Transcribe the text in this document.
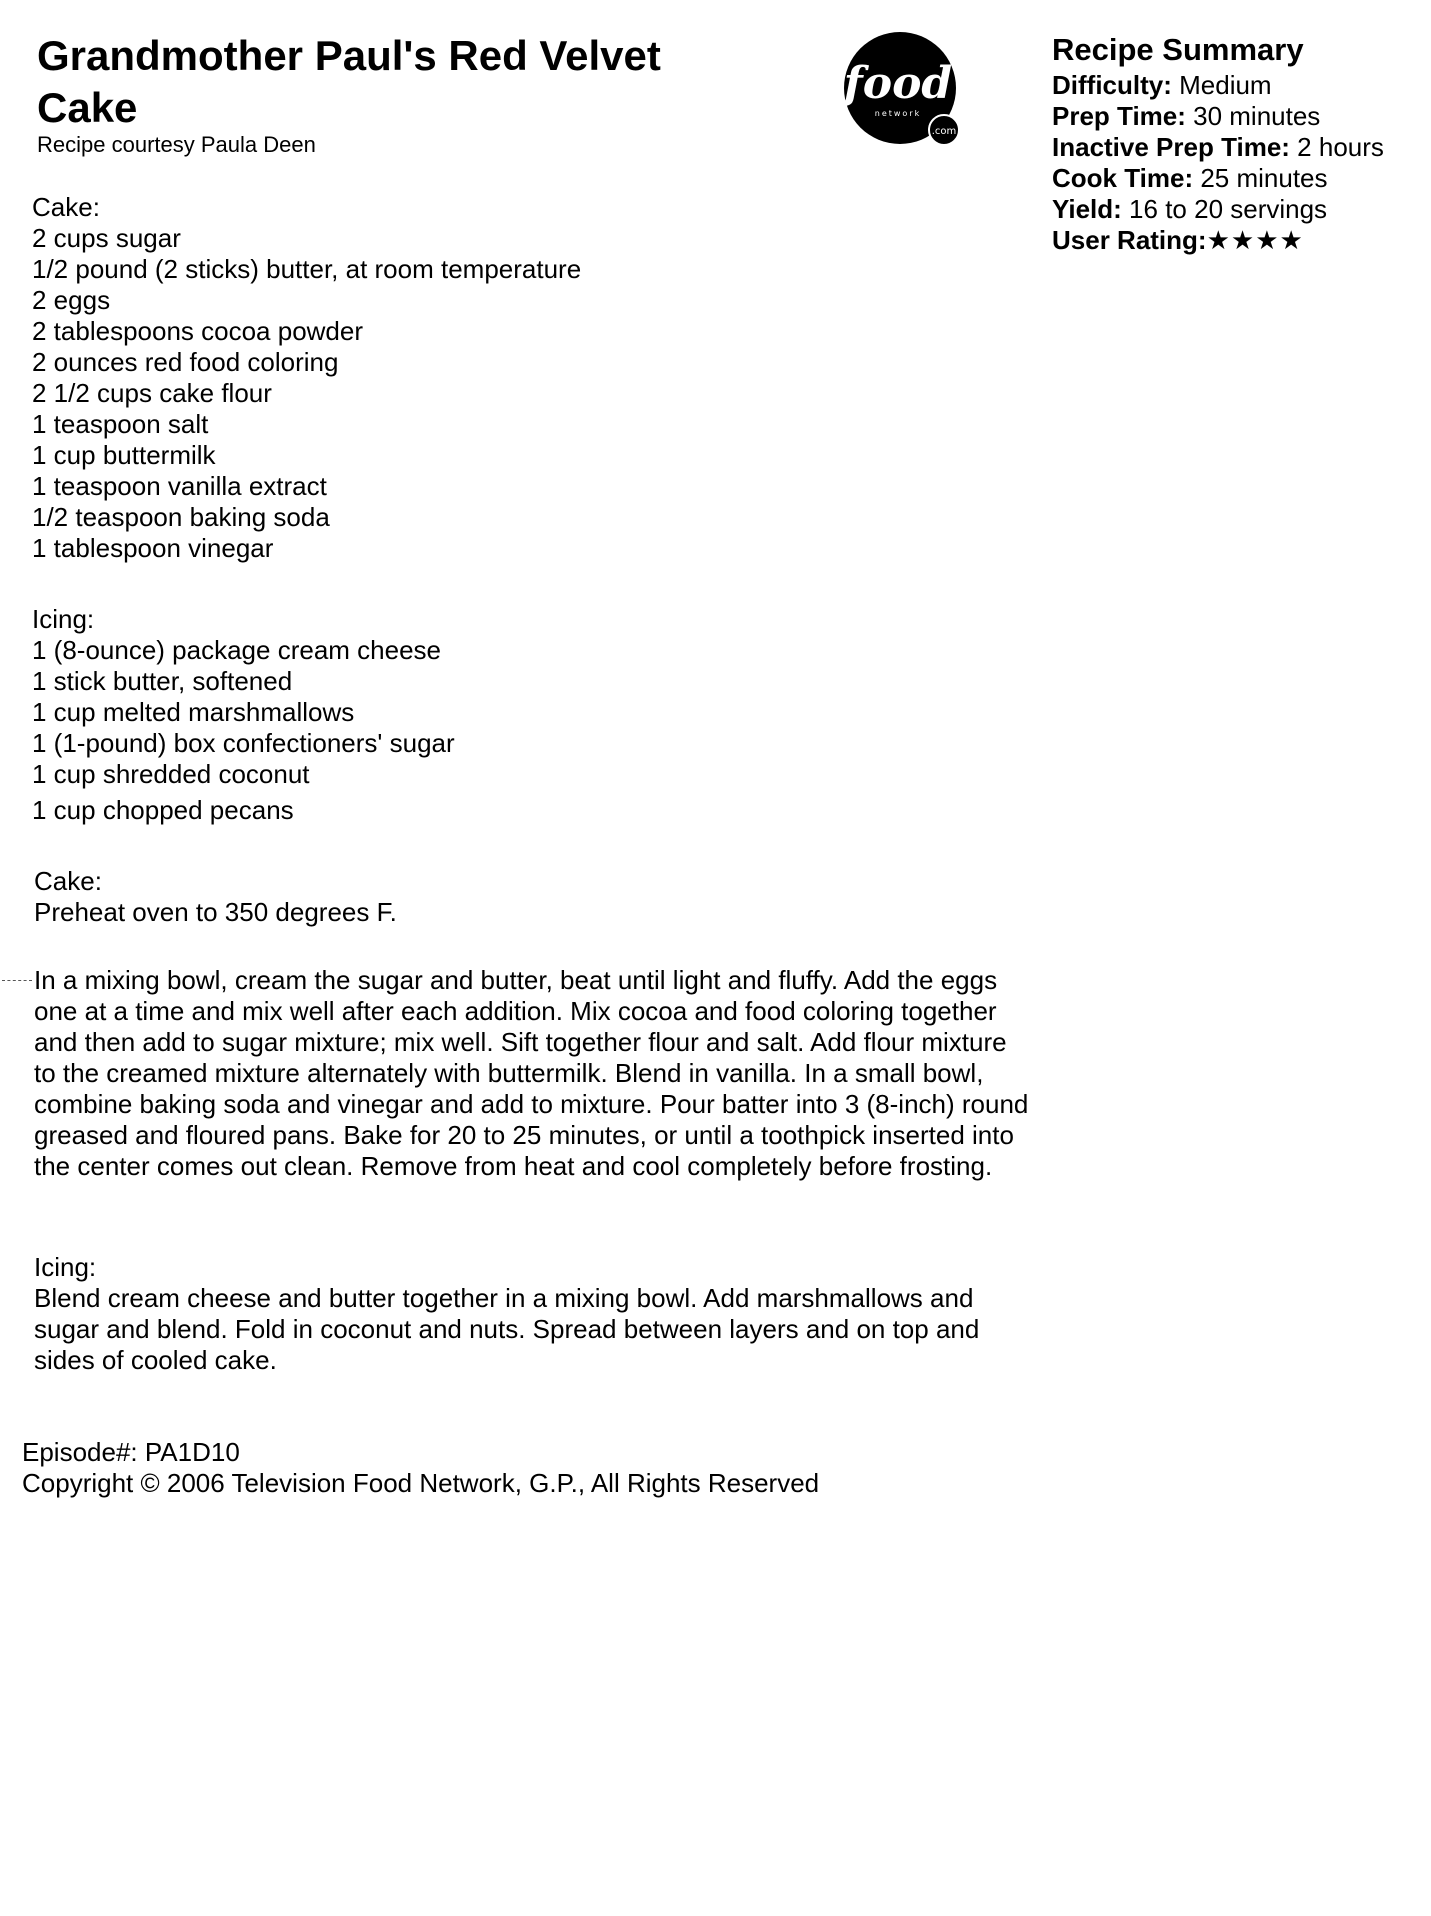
Grandmother Paul's Red Velvet Cake
Recipe courtesy Paula Deen
food
network
.com
Recipe Summary
Difficulty: Medium
Prep Time: 30 minutes
Inactive Prep Time: 2 hours
Cook Time: 25 minutes
Yield: 16 to 20 servings
User Rating:★★★★

Cake:

2 cups sugar
1/2 pound (2 sticks) butter, at room temperature
2 eggs
2 tablespoons cocoa powder
2 ounces red food coloring
2 1/2 cups cake flour
1 teaspoon salt
1 cup buttermilk
1 teaspoon vanilla extract
1/2 teaspoon baking soda
1 tablespoon vinegar

Icing:

1 (8-ounce) package cream cheese
1 stick butter, softened
1 cup melted marshmallows
1 (1-pound) box confectioners' sugar
1 cup shredded coconut
1 cup chopped pecans
Cake:
Preheat oven to 350 degrees F.
In a mixing bowl, cream the sugar and butter, beat until light and fluffy. Add the eggs one at a time and mix well after each addition. Mix cocoa and food coloring together and then add to sugar mixture; mix well. Sift together flour and salt. Add flour mixture to the creamed mixture alternately with buttermilk. Blend in vanilla. In a small bowl, combine baking soda and vinegar and add to mixture. Pour batter into 3 (8-inch) round greased and floured pans. Bake for 20 to 25 minutes, or until a toothpick inserted into the center comes out clean. Remove from heat and cool completely before frosting.
Icing:
Blend cream cheese and butter together in a mixing bowl. Add marshmallows and sugar and blend. Fold in coconut and nuts. Spread between layers and on top and sides of cooled cake.
Episode#: PA1D10
Copyright © 2006 Television Food Network, G.P., All Rights Reserved
